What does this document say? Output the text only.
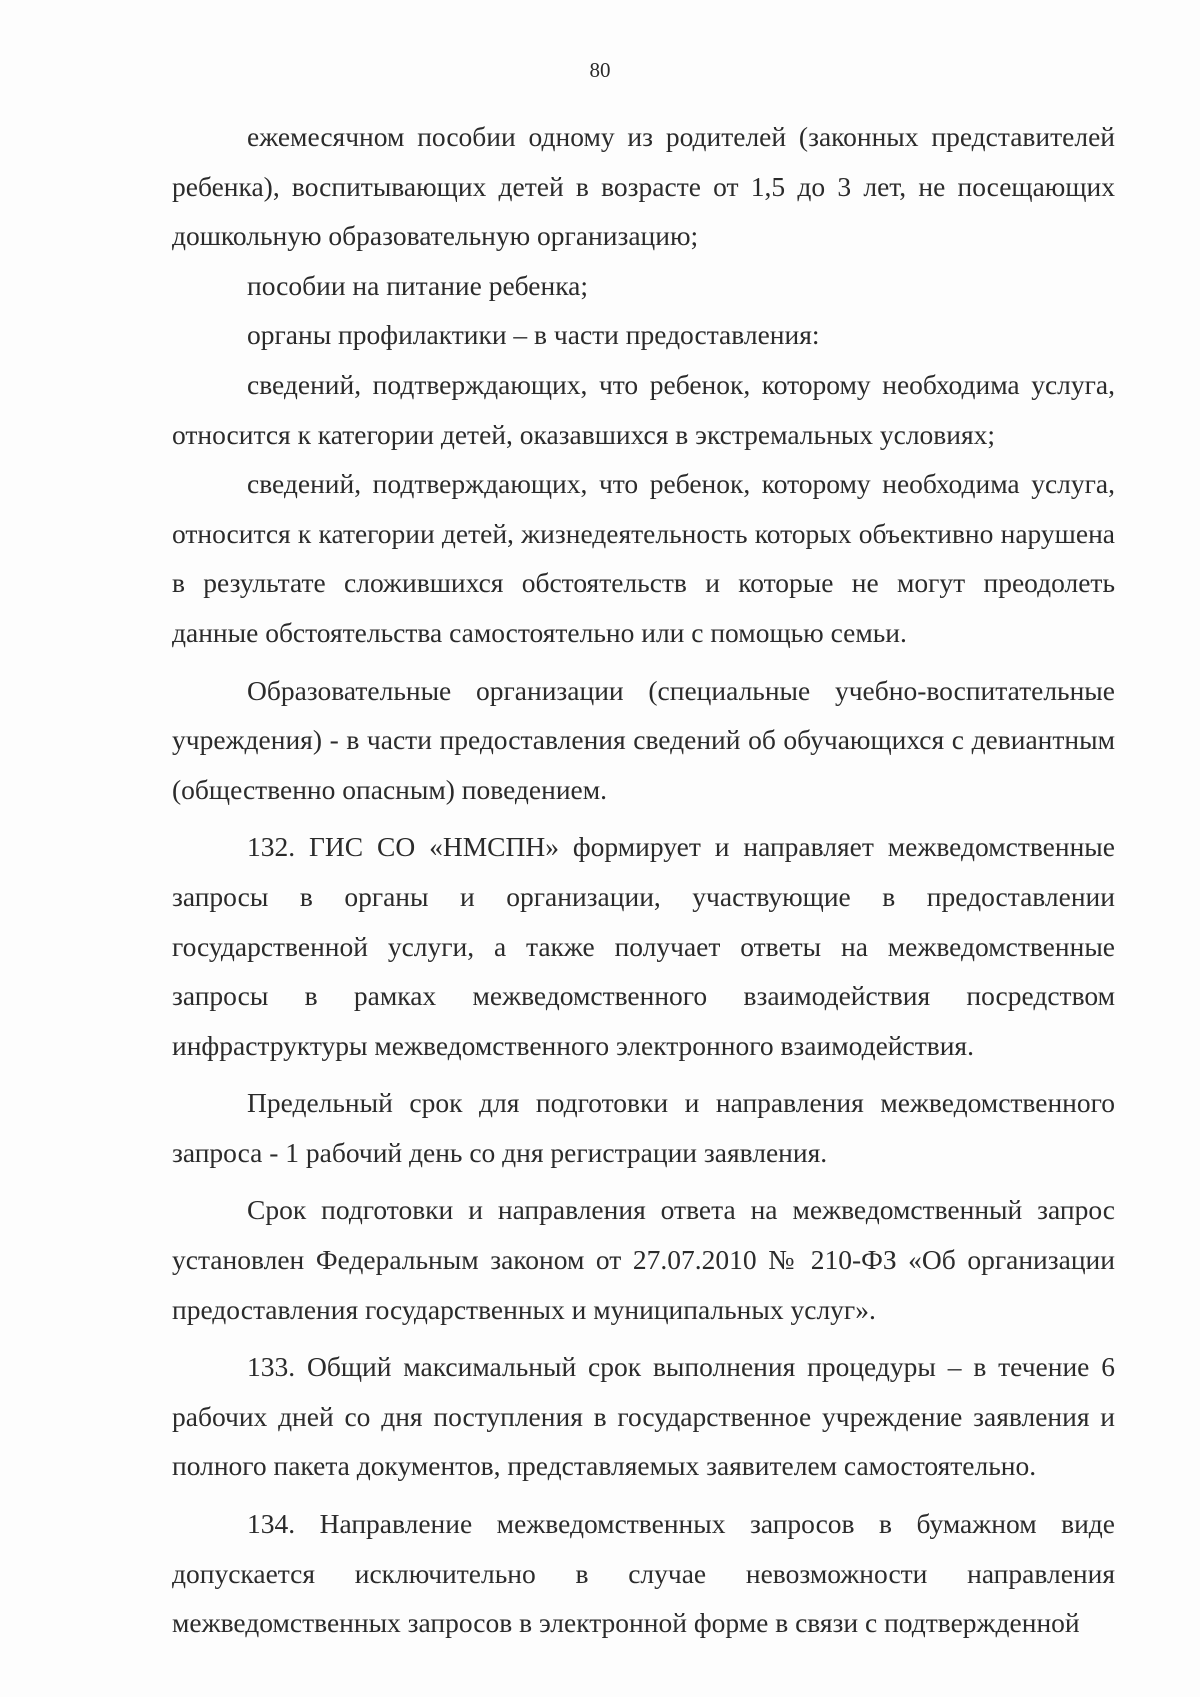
80

ежемесячном пособии одному из родителей (законных представителей ребенка), воспитывающих детей в возрасте от 1,5 до 3 лет, не посещающих дошкольную образовательную организацию;

пособии на питание ребенка;

органы профилактики – в части предоставления:

сведений, подтверждающих, что ребенок, которому необходима услуга, относится к категории детей, оказавшихся в экстремальных условиях;

сведений, подтверждающих, что ребенок, которому необходима услуга, относится к категории детей, жизнедеятельность которых объективно нарушена в результате сложившихся обстоятельств и которые не могут преодолеть данные обстоятельства самостоятельно или с помощью семьи.

Образовательные организации (специальные учебно-воспитательные учреждения) - в части предоставления сведений об обучающихся с девиантным (общественно опасным) поведением.

132. ГИС СО «НМСПН» формирует и направляет межведомственные запросы в органы и организации, участвующие в предоставлении государственной услуги, а также получает ответы на межведомственные запросы в рамках межведомственного взаимодействия посредством инфраструктуры межведомственного электронного взаимодействия.

Предельный срок для подготовки и направления межведомственного запроса - 1 рабочий день со дня регистрации заявления.

Срок подготовки и направления ответа на межведомственный запрос установлен Федеральным законом от 27.07.2010 № 210-ФЗ «Об организации предоставления государственных и муниципальных услуг».

133. Общий максимальный срок выполнения процедуры – в течение 6 рабочих дней со дня поступления в государственное учреждение заявления и полного пакета документов, представляемых заявителем самостоятельно.

134. Направление межведомственных запросов в бумажном виде допускается исключительно в случае невозможности направления межведомственных запросов в электронной форме в связи с подтвержденной
